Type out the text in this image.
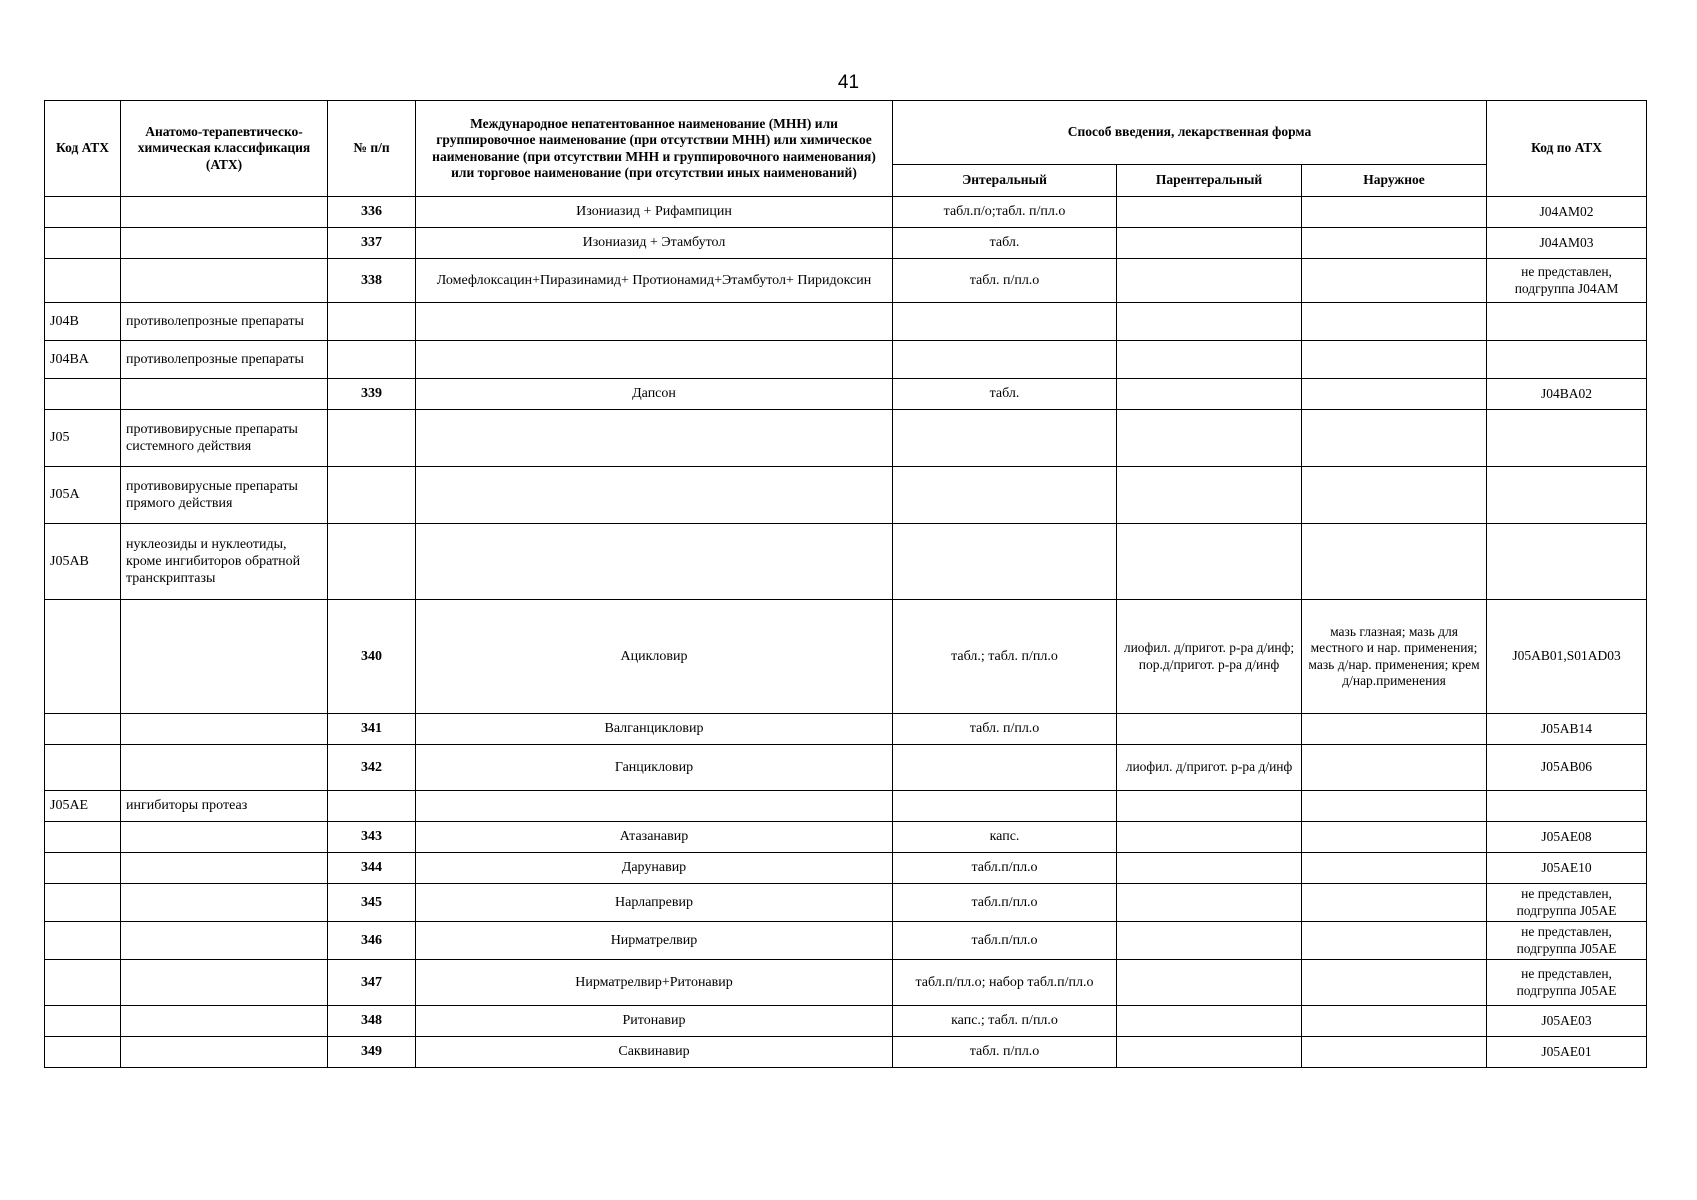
41
Код АТХ	Анатомо-терапевтическо-химическая классификация (АТХ)	№ п/п	Международное непатентованное наименование (МНН) или группировочное наименование (при отсутствии МНН) или химическое наименование (при отсутствии МНН и группировочного наименования) или торговое наименование (при отсутствии иных наименований)	Способ введения, лекарственная форма			Код по АТХ
				Энтеральный	Парентеральный	Наружное	
		336	Изониазид + Рифампицин	табл.п/о;табл. п/пл.о			J04AM02
		337	Изониазид + Этамбутол	табл.			J04AM03
		338	Ломефлоксацин+Пиразинамид+ Протионамид+Этамбутол+ Пиридоксин	табл. п/пл.о			не представлен, подгруппа J04AM
J04B	противолепрозные препараты						
J04BA	противолепрозные препараты						
		339	Дапсон	табл.			J04BA02
J05	противовирусные препараты системного действия						
J05A	противовирусные препараты прямого действия						
J05AB	нуклеозиды и нуклеотиды, кроме ингибиторов обратной транскриптазы						
		340	Ацикловир	табл.; табл. п/пл.о	лиофил. д/пригот. р-ра д/инф; пор.д/пригот. р-ра д/инф	мазь глазная; мазь для местного и нар. применения; мазь д/нар. применения; крем д/нар.применения	J05AB01,S01AD03
		341	Валганцикловир	табл. п/пл.о			J05AB14
		342	Ганцикловир		лиофил. д/пригот. р-ра д/инф		J05AB06
J05AE	ингибиторы протеаз						
		343	Атазанавир	капс.			J05AE08
		344	Дарунавир	табл.п/пл.о			J05AE10
		345	Нарлапревир	табл.п/пл.о			не представлен, подгруппа J05AE
		346	Нирматрелвир	табл.п/пл.о			не представлен, подгруппа J05AE
		347	Нирматрелвир+Ритонавир	табл.п/пл.о; набор табл.п/пл.о			не представлен, подгруппа J05AE
		348	Ритонавир	капс.; табл. п/пл.о			J05AE03
		349	Саквинавир	табл. п/пл.о			J05AE01
